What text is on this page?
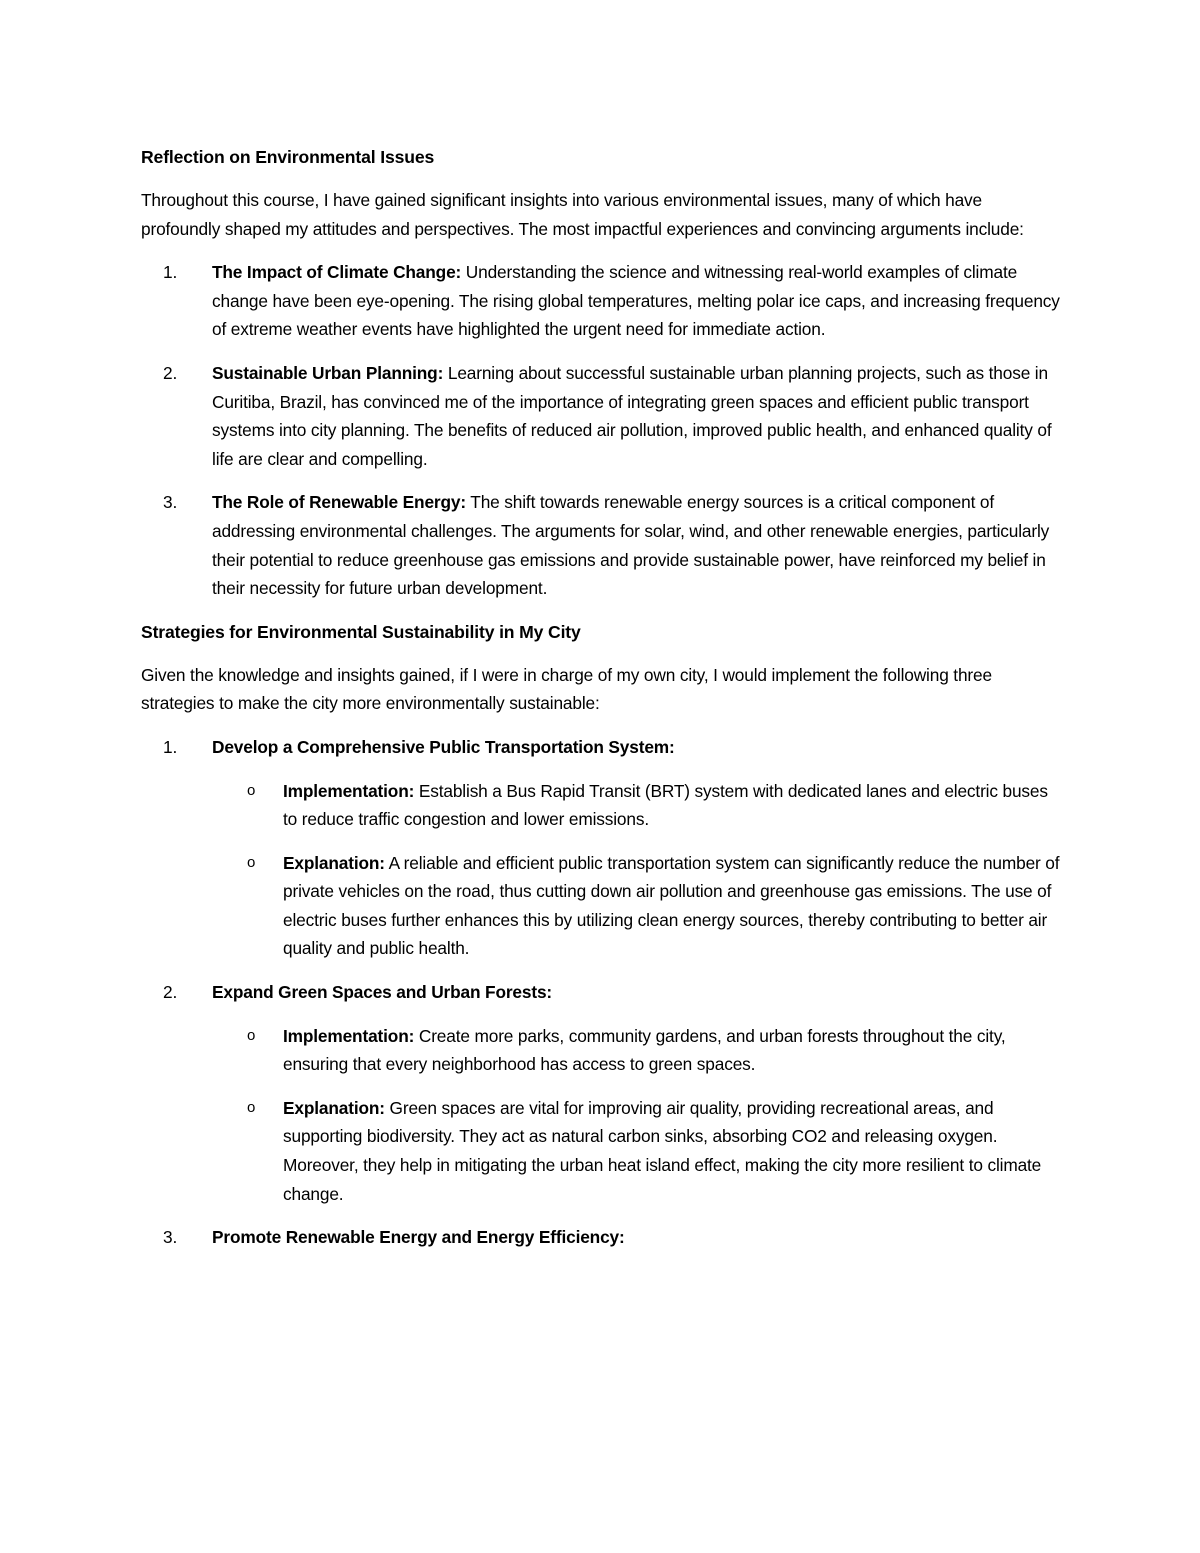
Reflection on Environmental Issues

Throughout this course, I have gained significant insights into various environmental issues, many of which have profoundly shaped my attitudes and perspectives. The most impactful experiences and convincing arguments include:

1. The Impact of Climate Change: Understanding the science and witnessing real-world examples of climate change have been eye-opening. The rising global temperatures, melting polar ice caps, and increasing frequency of extreme weather events have highlighted the urgent need for immediate action.
2. Sustainable Urban Planning: Learning about successful sustainable urban planning projects, such as those in Curitiba, Brazil, has convinced me of the importance of integrating green spaces and efficient public transport systems into city planning. The benefits of reduced air pollution, improved public health, and enhanced quality of life are clear and compelling.
3. The Role of Renewable Energy: The shift towards renewable energy sources is a critical component of addressing environmental challenges. The arguments for solar, wind, and other renewable energies, particularly their potential to reduce greenhouse gas emissions and provide sustainable power, have reinforced my belief in their necessity for future urban development.
Strategies for Environmental Sustainability in My City

Given the knowledge and insights gained, if I were in charge of my own city, I would implement the following three strategies to make the city more environmentally sustainable:

1. Develop a Comprehensive Public Transportation System:
o Implementation: Establish a Bus Rapid Transit (BRT) system with dedicated lanes and electric buses to reduce traffic congestion and lower emissions.
o Explanation: A reliable and efficient public transportation system can significantly reduce the number of private vehicles on the road, thus cutting down air pollution and greenhouse gas emissions. The use of electric buses further enhances this by utilizing clean energy sources, thereby contributing to better air quality and public health.
2. Expand Green Spaces and Urban Forests:
o Implementation: Create more parks, community gardens, and urban forests throughout the city, ensuring that every neighborhood has access to green spaces.
o Explanation: Green spaces are vital for improving air quality, providing recreational areas, and supporting biodiversity. They act as natural carbon sinks, absorbing CO2 and releasing oxygen. Moreover, they help in mitigating the urban heat island effect, making the city more resilient to climate change.
3. Promote Renewable Energy and Energy Efficiency:
